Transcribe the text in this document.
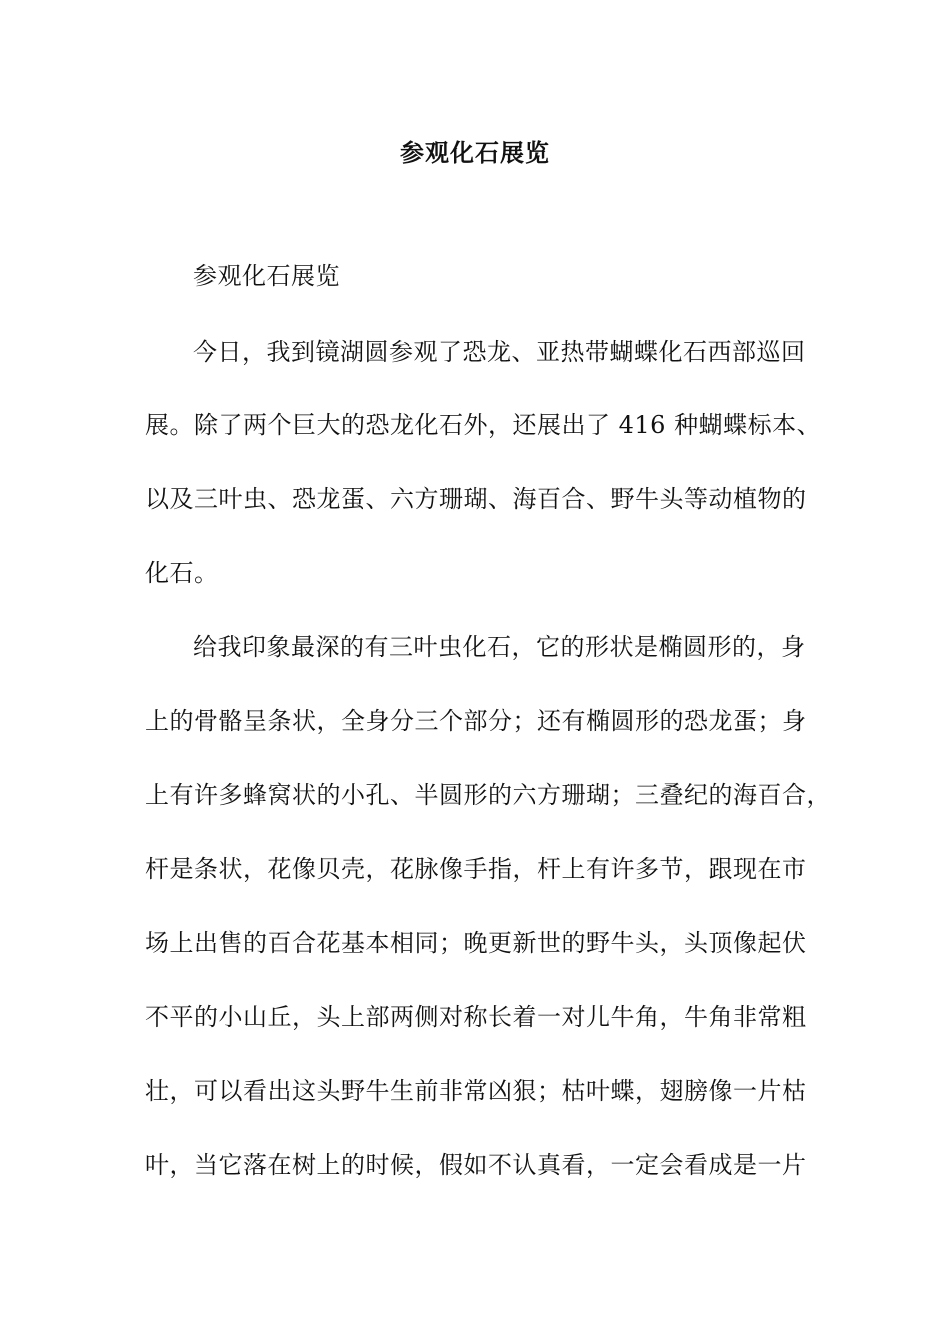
参观化石展览
参观化石展览
今日，我到镜湖圆参观了恐龙、亚热带蝴蝶化石西部巡回
展。除了两个巨大的恐龙化石外，还展出了 416 种蝴蝶标本、
以及三叶虫、恐龙蛋、六方珊瑚、海百合、野牛头等动植物的
化石。
给我印象最深的有三叶虫化石，它的形状是椭圆形的，身
上的骨骼呈条状，全身分三个部分；还有椭圆形的恐龙蛋；身
上有许多蜂窝状的小孔、半圆形的六方珊瑚；三叠纪的海百合，
杆是条状，花像贝壳，花脉像手指，杆上有许多节，跟现在市
场上出售的百合花基本相同；晚更新世的野牛头，头顶像起伏
不平的小山丘，头上部两侧对称长着一对儿牛角，牛角非常粗
壮，可以看出这头野牛生前非常凶狠；枯叶蝶，翅膀像一片枯
叶，当它落在树上的时候，假如不认真看，一定会看成是一片
